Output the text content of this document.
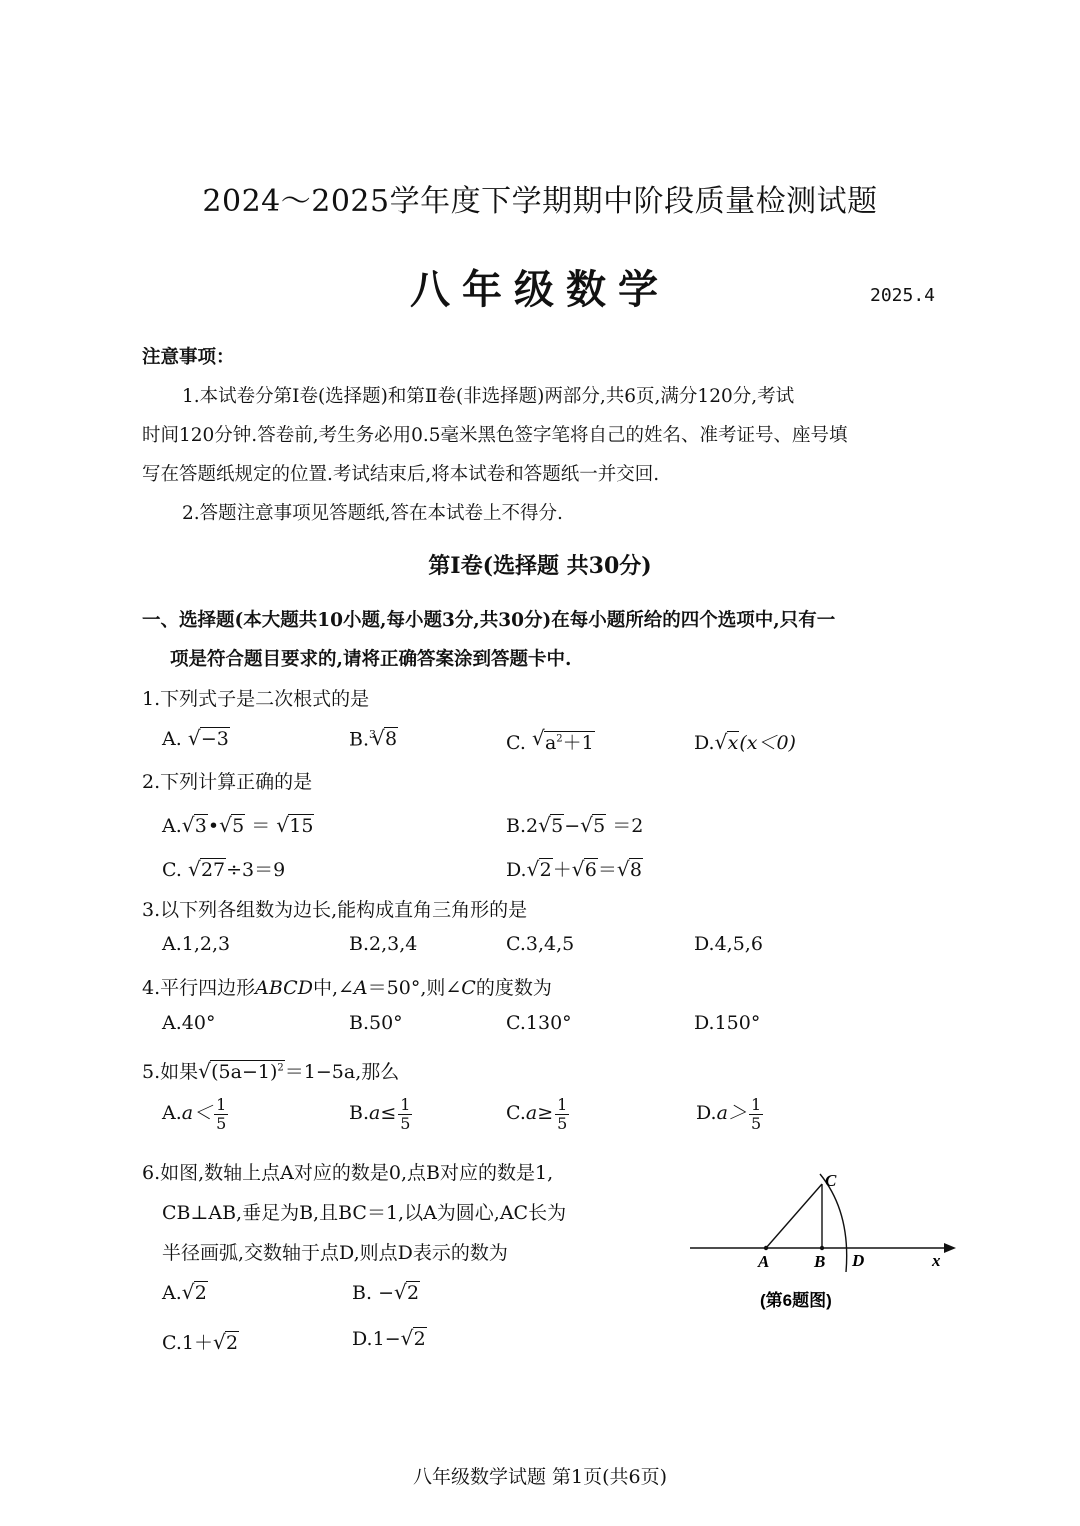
2024～2025学年度下学期期中阶段质量检测试题
八年级数学	2025.4
注意事项：
1.本试卷分第Ⅰ卷(选择题)和第Ⅱ卷(非选择题)两部分,共6页,满分120分,考试
时间120分钟.答卷前,考生务必用0.5毫米黑色签字笔将自己的姓名、准考证号、座号填
写在答题纸规定的位置.考试结束后,将本试卷和答题纸一并交回.
2.答题注意事项见答题纸,答在本试卷上不得分.
第Ⅰ卷(选择题 共30分)
一、选择题(本大题共10小题,每小题3分,共30分)在每小题所给的四个选项中,只有一
项是符合题目要求的,请将正确答案涂到答题卡中.
1.下列式子是二次根式的是
A. √ −3	B.$^3$ √ 8	C. √ $a^2+1$	D. √ x(x＜0)
2.下列计算正确的是
A. √ 3• √ 5 ＝ √ 15	B.2 √ 5− √ 5 ＝2
C. √ 27÷3＝9	D. √ 2＋ √ 6＝ √ 8
3.以下列各组数为边长,能构成直角三角形的是
A.1,2,3	B.2,3,4	C.3,4,5	D.4,5,6
4.平行四边形ABCD中,∠A＝50°,则∠C的度数为
A.40°	B.50°	C.130°	D.150°
5.如果 √ $(5a-1)^2=1-5a$,那么
$A.a< \frac{1}{5}$	$B.a\le \frac{1}{5}$	$C.a\ge \frac{1}{5}$	$D.a> \frac{1}{5}$
6.如图,数轴上点A对应的数是0,点B对应的数是1,
CB⊥AB,垂足为B,且BC＝1,以A为圆心,AC长为
半径画弧,交数轴于点D,则点D表示的数为
A. √ 2	B. − √ 2
C.1＋ √ 2	D.1− √ 2
A	B
C
D	x
(第6题图)
八年级数学试题 第1页(共6页)
